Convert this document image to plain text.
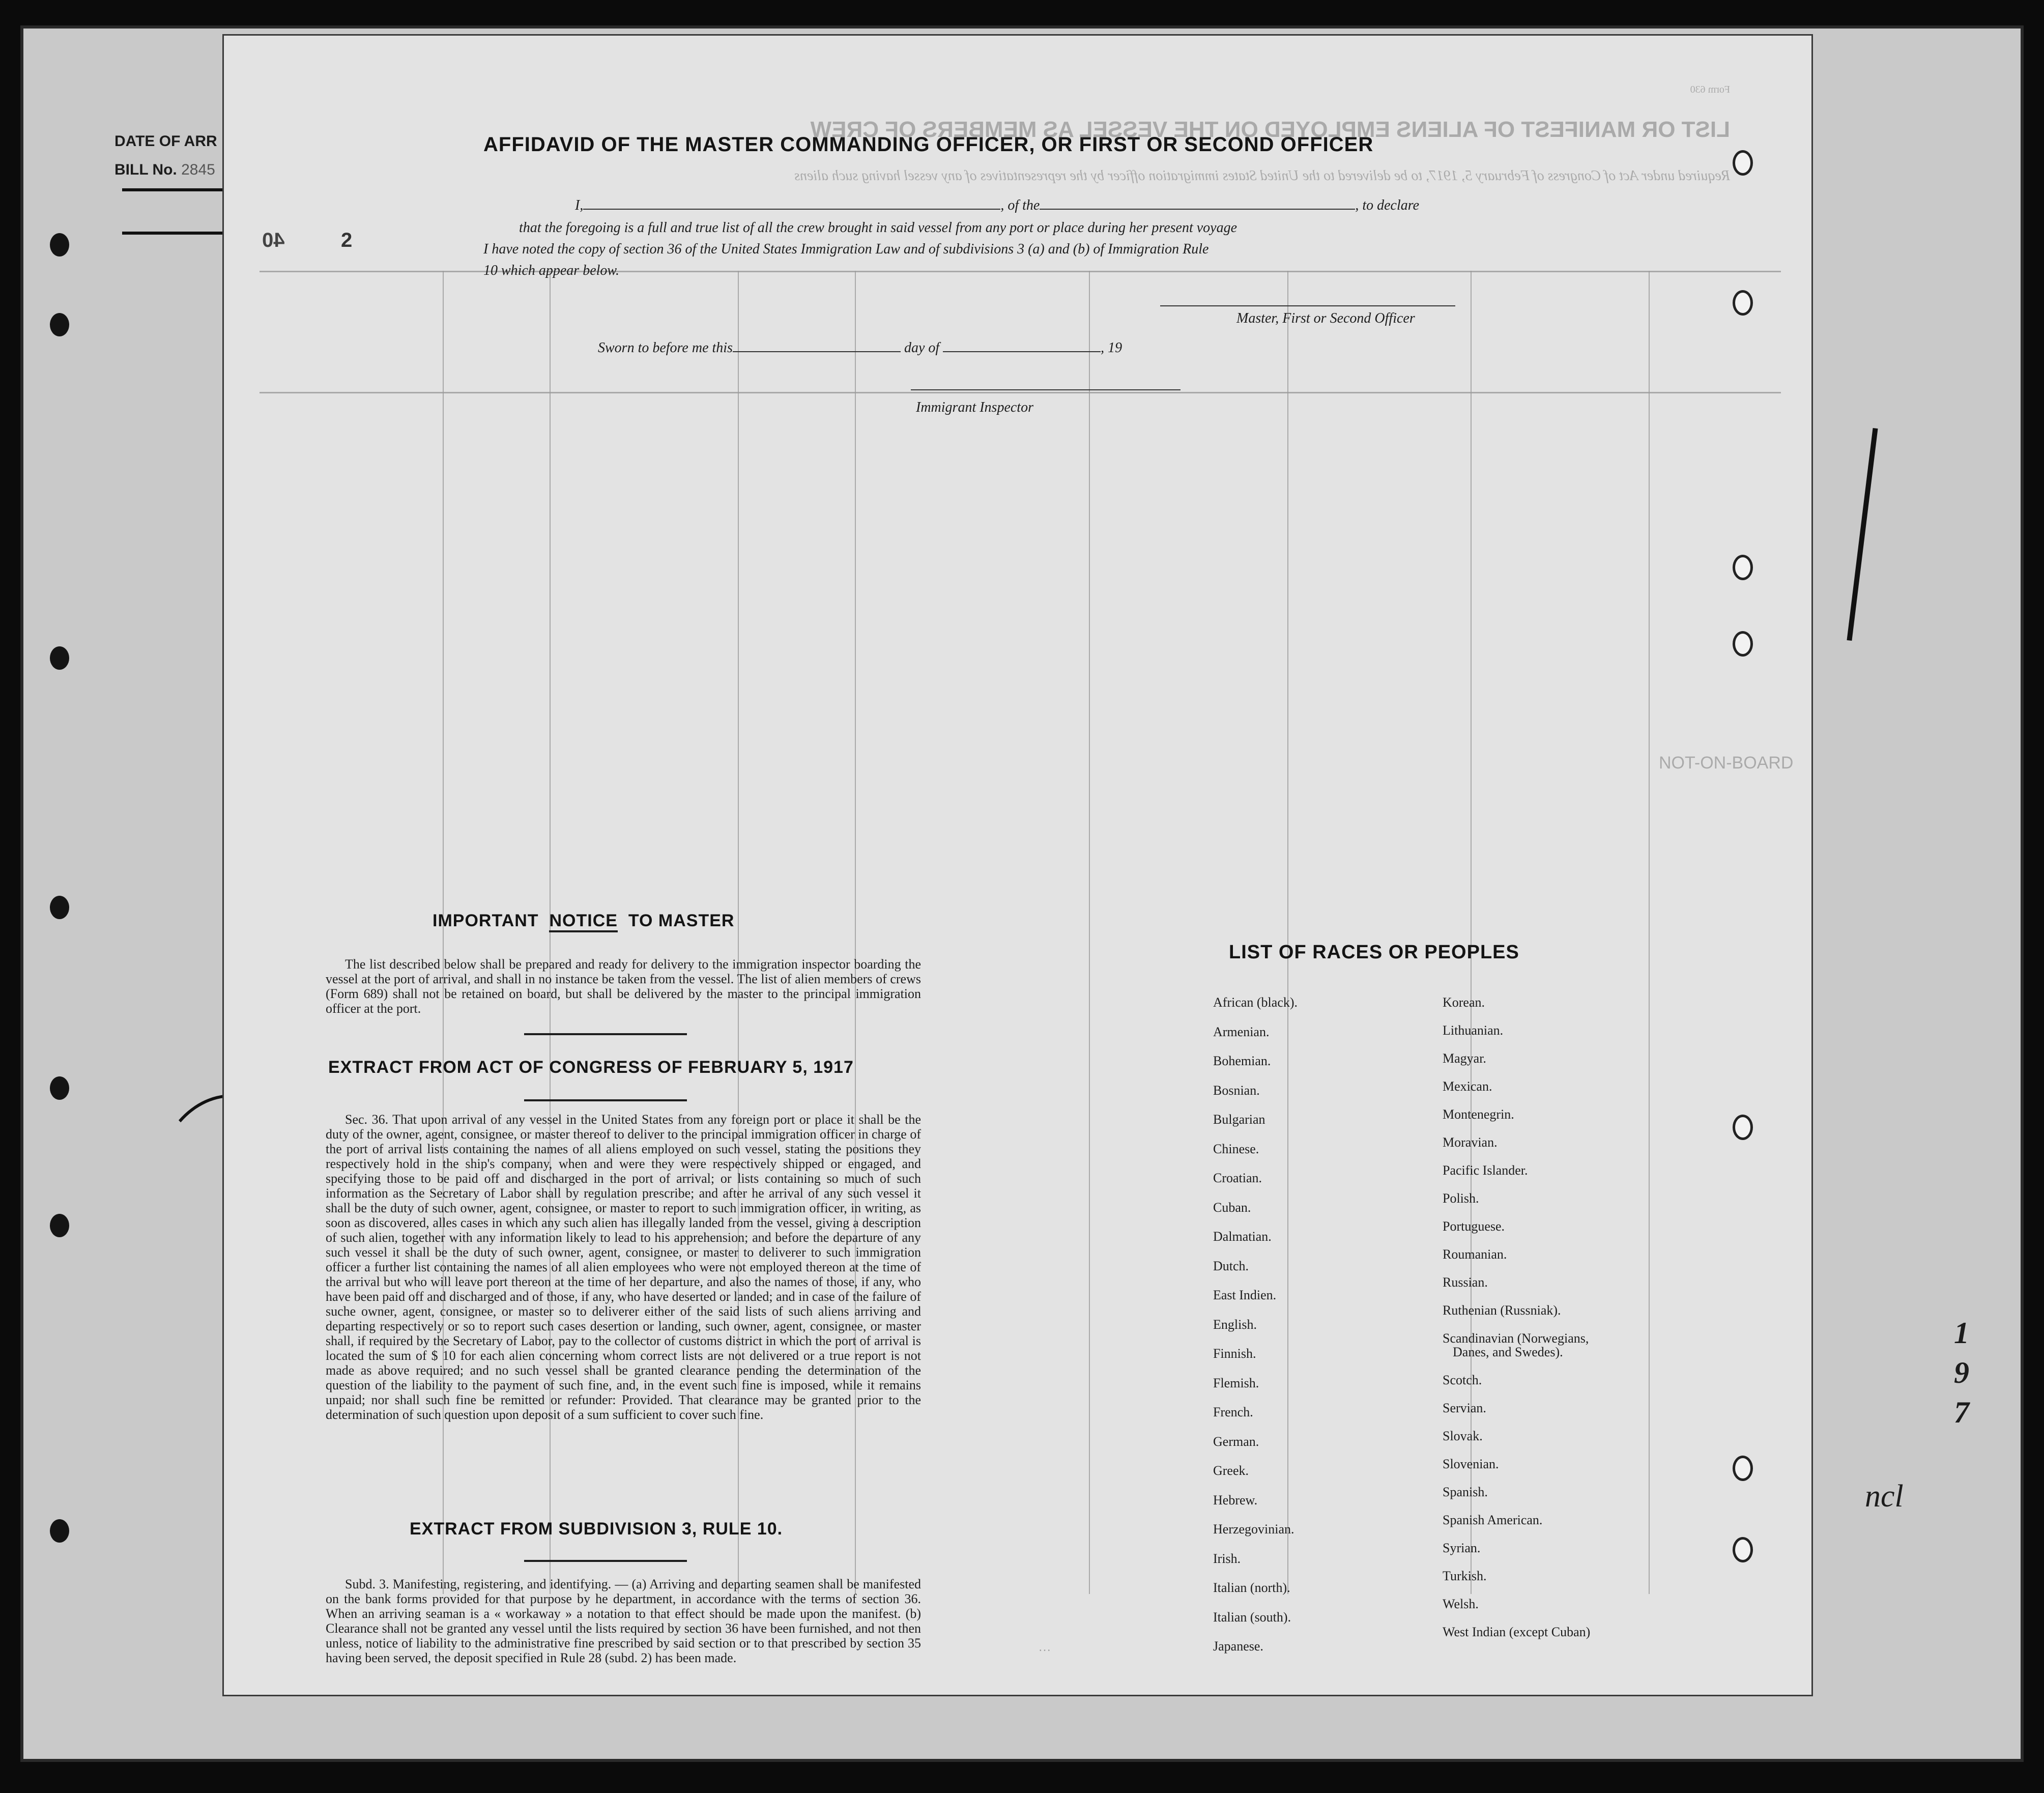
DATE OF ARR
BILL No. 2845
LIST OR MANIFEST OF ALIENS EMPLOYED ON THE VESSEL AS MEMBERS OF CREW
Required under Act of Congress of February 5, 1917, to be delivered to the United States immigration officer by the representatives of any vessel having such aliens
Form 630
NOT-ON-BOARD
40	2
AFFIDAVID OF THE MASTER COMMANDING OFFICER, OR FIRST OR SECOND OFFICER
I,	, of the	, to declare
that the foregoing is a full and true list of all the crew brought in said vessel from any port or place during her present voyage
I have noted the copy of section 36 of the United States Immigration Law and of subdivisions 3 (a) and (b) of Immigration Rule
10 which appear below.
Master, First or Second Officer
Sworn to before me this	day of	, 19
Immigrant Inspector
IMPORTANT NOTICE TO MASTER
The list described below shall be prepared and ready for delivery to the immigration inspector boarding the vessel at the port of arrival, and shall in no instance be taken from the vessel. The list of alien members of crews (Form 689) shall not be retained on board, but shall be delivered by the master to the principal immigration officer at the port.
EXTRACT FROM ACT OF CONGRESS OF FEBRUARY 5, 1917
Sec. 36. That upon arrival of any vessel in the United States from any foreign port or place it shall be the duty of the owner, agent, consignee, or master thereof to deliver to the principal immigration officer in charge of the port of arrival lists containing the names of all aliens employed on such vessel, stating the positions they respectively hold in the ship's company, when and were they were respectively shipped or engaged, and specifying those to be paid off and discharged in the port of arrival; or lists containing so much of such information as the Secretary of Labor shall by regulation prescribe; and after he arrival of any such vessel it shall be the duty of such owner, agent, consignee, or master to report to such immigration officer, in writing, as soon as discovered, alles cases in which any such alien has illegally landed from the vessel, giving a description of such alien, together with any information likely to lead to his apprehension; and before the departure of any such vessel it shall be the duty of such owner, agent, consignee, or master to deliverer to such immigration officer a further list containing the names of all alien employees who were not employed thereon at the time of the arrival but who will leave port thereon at the time of her departure, and also the names of those, if any, who have been paid off and discharged and of those, if any, who have deserted or landed; and in case of the failure of suche owner, agent, consignee, or master so to deliverer either of the said lists of such aliens arriving and departing respectively or so to report such cases desertion or landing, such owner, agent, consignee, or master shall, if required by the Secretary of Labor, pay to the collector of customs district in which the port of arrival is located the sum of $ 10 for each alien concerning whom correct lists are not delivered or a true report is not made as above required; and no such vessel shall be granted clearance pending the determination of the question of the liability to the payment of such fine, and, in the event such fine is imposed, while it remains unpaid; nor shall such fine be remitted or refunder: Provided. That clearance may be granted prior to the determination of such question upon deposit of a sum sufficient to cover such fine.
EXTRACT FROM SUBDIVISION 3, RULE 10.
Subd. 3. Manifesting, registering, and identifying. — (a) Arriving and departing seamen shall be manifested on the bank forms provided for that purpose by he department, in accordance with the terms of section 36. When an arriving seaman is a « workaway » a notation to that effect should be made upon the manifest. (b) Clearance shall not be granted any vessel until the lists required by section 36 have been furnished, and not then unless, notice of liability to the administrative fine prescribed by said section or to that prescribed by section 35 having been served, the deposit specified in Rule 28 (subd. 2) has been made.
LIST OF RACES OR PEOPLES
African (black).
Armenian.
Bohemian.
Bosnian.
Bulgarian
Chinese.
Croatian.
Cuban.
Dalmatian.
Dutch.
East Indien.
English.
Finnish.
Flemish.
French.
German.
Greek.
Hebrew.
Herzegovinian.
Irish.
Italian (north).
Italian (south).
Japanese.
Korean.
Lithuanian.
Magyar.
Mexican.
Montenegrin.
Moravian.
Pacific Islander.
Polish.
Portuguese.
Roumanian.
Russian.
Ruthenian (Russniak).
Scandinavian (Norwegians,
Danes, and Swedes).
Scotch.
Servian.
Slovak.
Slovenian.
Spanish.
Spanish American.
Syrian.
Turkish.
Welsh.
West Indian (except Cuban)
…
1
9
7
ncl
